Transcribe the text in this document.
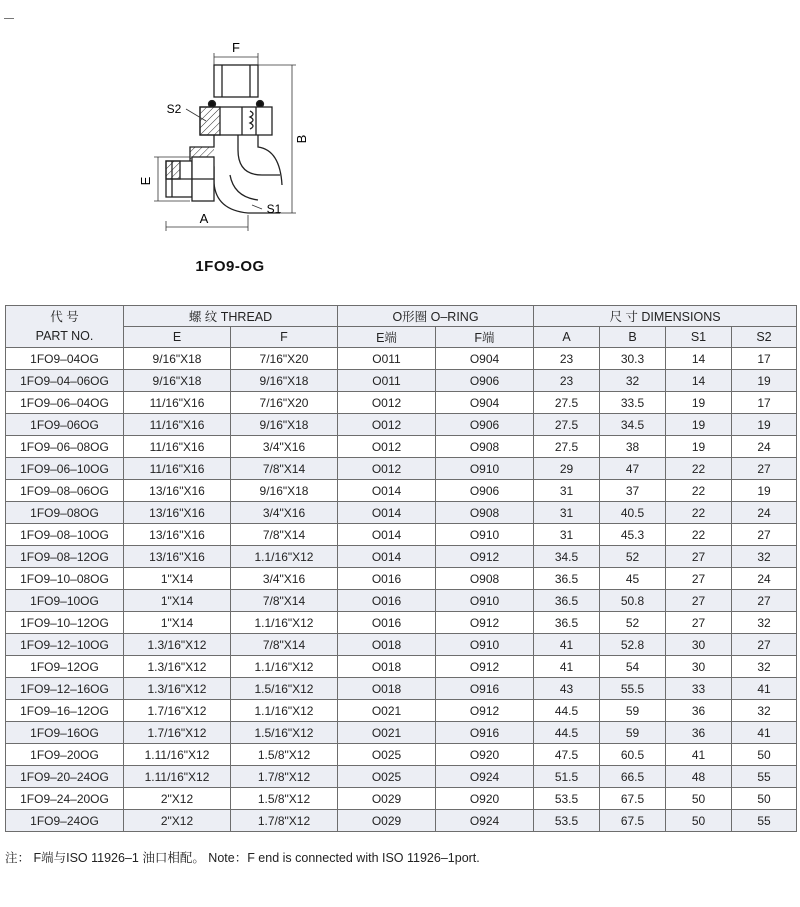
F
B
S2
E
A
S1
1FO9-OG
代 号
PART NO.	螺 纹 THREAD		O形圈 O–RING		尺 寸 DIMENSIONS			
	E	F	E端	F端	A	B	S1	S2
1FO9–04OG	9/16"X18	7/16"X20	O011	O904	23	30.3	14	17
1FO9–04–06OG	9/16"X18	9/16"X18	O011	O906	23	32	14	19
1FO9–06–04OG	11/16"X16	7/16"X20	O012	O904	27.5	33.5	19	17
1FO9–06OG	11/16"X16	9/16"X18	O012	O906	27.5	34.5	19	19
1FO9–06–08OG	11/16"X16	3/4"X16	O012	O908	27.5	38	19	24
1FO9–06–10OG	11/16"X16	7/8"X14	O012	O910	29	47	22	27
1FO9–08–06OG	13/16"X16	9/16"X18	O014	O906	31	37	22	19
1FO9–08OG	13/16"X16	3/4"X16	O014	O908	31	40.5	22	24
1FO9–08–10OG	13/16"X16	7/8"X14	O014	O910	31	45.3	22	27
1FO9–08–12OG	13/16"X16	1.1/16"X12	O014	O912	34.5	52	27	32
1FO9–10–08OG	1"X14	3/4"X16	O016	O908	36.5	45	27	24
1FO9–10OG	1"X14	7/8"X14	O016	O910	36.5	50.8	27	27
1FO9–10–12OG	1"X14	1.1/16"X12	O016	O912	36.5	52	27	32
1FO9–12–10OG	1.3/16"X12	7/8"X14	O018	O910	41	52.8	30	27
1FO9–12OG	1.3/16"X12	1.1/16"X12	O018	O912	41	54	30	32
1FO9–12–16OG	1.3/16"X12	1.5/16"X12	O018	O916	43	55.5	33	41
1FO9–16–12OG	1.7/16"X12	1.1/16"X12	O021	O912	44.5	59	36	32
1FO9–16OG	1.7/16"X12	1.5/16"X12	O021	O916	44.5	59	36	41
1FO9–20OG	1.11/16"X12	1.5/8"X12	O025	O920	47.5	60.5	41	50
1FO9–20–24OG	1.11/16"X12	1.7/8"X12	O025	O924	51.5	66.5	48	55
1FO9–24–20OG	2"X12	1.5/8"X12	O029	O920	53.5	67.5	50	50
1FO9–24OG	2"X12	1.7/8"X12	O029	O924	53.5	67.5	50	55
注： F端与ISO 11926–1 油口相配。 Note：F end is connected with ISO 11926–1port.
